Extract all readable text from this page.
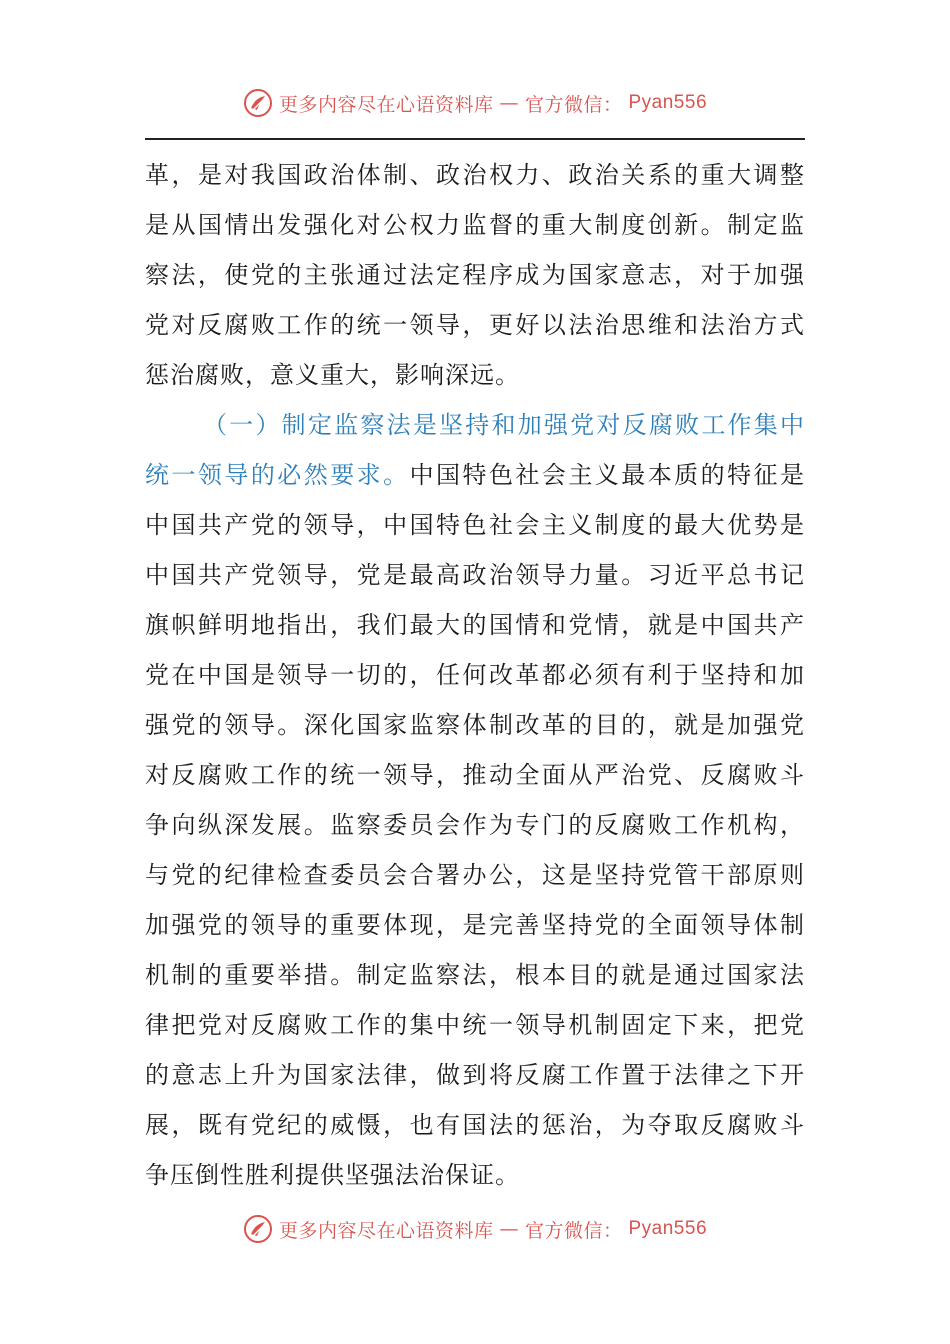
更多内容尽在心语资料库 — 官方微信： Pyan556
革，是对我国政治体制、政治权力、政治关系的重大调整
是从国情出发强化对公权力监督的重大制度创新。制定监
察法，使党的主张通过法定程序成为国家意志，对于加强
党对反腐败工作的统一领导，更好以法治思维和法治方式
惩治腐败，意义重大，影响深远。
（一）制定监察法是坚持和加强党对反腐败工作集中
统一领导的必然要求。中国特色社会主义最本质的特征是
中国共产党的领导，中国特色社会主义制度的最大优势是
中国共产党领导，党是最高政治领导力量。习近平总书记
旗帜鲜明地指出，我们最大的国情和党情，就是中国共产
党在中国是领导一切的，任何改革都必须有利于坚持和加
强党的领导。深化国家监察体制改革的目的，就是加强党
对反腐败工作的统一领导，推动全面从严治党、反腐败斗
争向纵深发展。监察委员会作为专门的反腐败工作机构，
与党的纪律检查委员会合署办公，这是坚持党管干部原则
加强党的领导的重要体现，是完善坚持党的全面领导体制
机制的重要举措。制定监察法，根本目的就是通过国家法
律把党对反腐败工作的集中统一领导机制固定下来，把党
的意志上升为国家法律，做到将反腐工作置于法律之下开
展，既有党纪的威慑，也有国法的惩治，为夺取反腐败斗
争压倒性胜利提供坚强法治保证。
更多内容尽在心语资料库 — 官方微信： Pyan556
